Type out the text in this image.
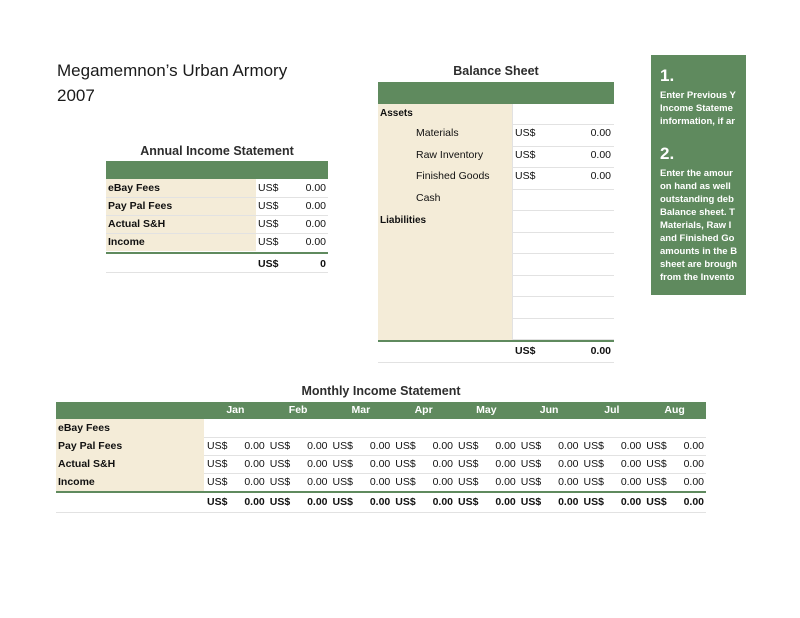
Megamemnon’s Urban Armory
2007
Annual Income Statement
eBay Fees	US$	0.00
Pay Pal Fees	US$	0.00
Actual S&H	US$	0.00
Income	US$	0.00
US$	0
Balance Sheet
Assets
Materials	US$	0.00
Raw Inventory	US$	0.00
Finished Goods US$	0.00
Cash
Liabilities
US$	0.00
1.
Enter Previous Y
Income Stateme
information, if ar
2.
Enter the amour
on hand as well
outstanding deb
Balance sheet. T
Materials, Raw I
and Finished Go
amounts in the B
sheet are brough
from the Invento
Monthly Income Statement
Jan	Feb	Mar	Apr	May	Jun	Jul	Aug
eBay Fees
Pay Pal Fees	US$	0.00 US$	0.00 US$	0.00 US$	0.00 US$	0.00 US$	0.00 US$	0.00 US$	0.00
Actual S&H	US$	0.00 US$	0.00 US$	0.00 US$	0.00 US$	0.00 US$	0.00 US$	0.00 US$	0.00
Income	US$	0.00 US$	0.00 US$	0.00 US$	0.00 US$	0.00 US$	0.00 US$	0.00 US$	0.00
US$	0.00 US$	0.00 US$	0.00 US$	0.00 US$	0.00 US$	0.00 US$	0.00 US$	0.00
